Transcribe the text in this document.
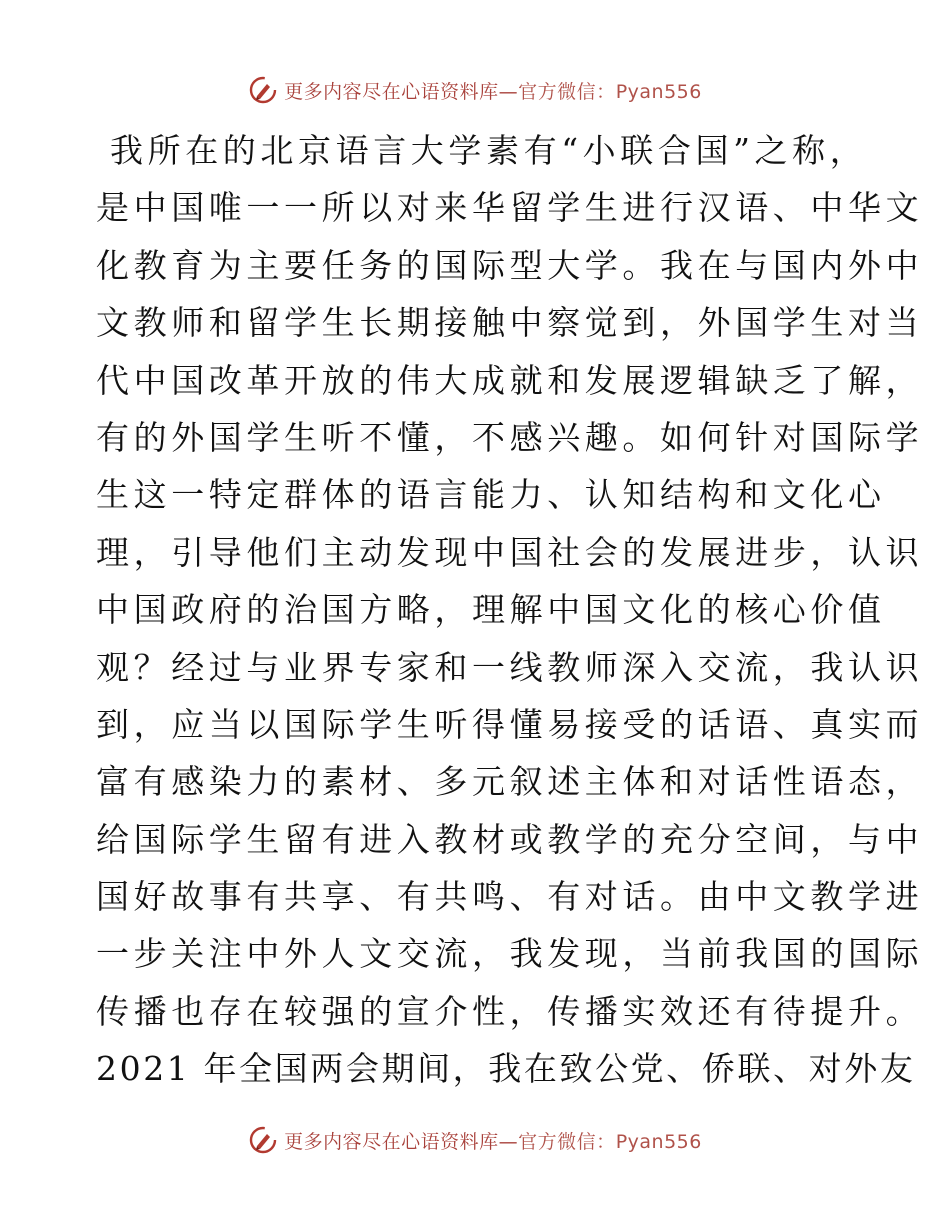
更多内容尽在心语资料库—官方微信：Pyan556
我所在的北京语言大学素有“小联合国”之称，
是中国唯一一所以对来华留学生进行汉语、中华文
化教育为主要任务的国际型大学。我在与国内外中
文教师和留学生长期接触中察觉到，外国学生对当
代中国改革开放的伟大成就和发展逻辑缺乏了解，
有的外国学生听不懂，不感兴趣。如何针对国际学
生这一特定群体的语言能力、认知结构和文化心
理，引导他们主动发现中国社会的发展进步，认识
中国政府的治国方略，理解中国文化的核心价值
观？经过与业界专家和一线教师深入交流，我认识
到，应当以国际学生听得懂易接受的话语、真实而
富有感染力的素材、多元叙述主体和对话性语态，
给国际学生留有进入教材或教学的充分空间，与中
国好故事有共享、有共鸣、有对话。由中文教学进
一步关注中外人文交流，我发现，当前我国的国际
传播也存在较强的宣介性，传播实效还有待提升。
2021 年全国两会期间，我在致公党、侨联、对外友
更多内容尽在心语资料库—官方微信：Pyan556
